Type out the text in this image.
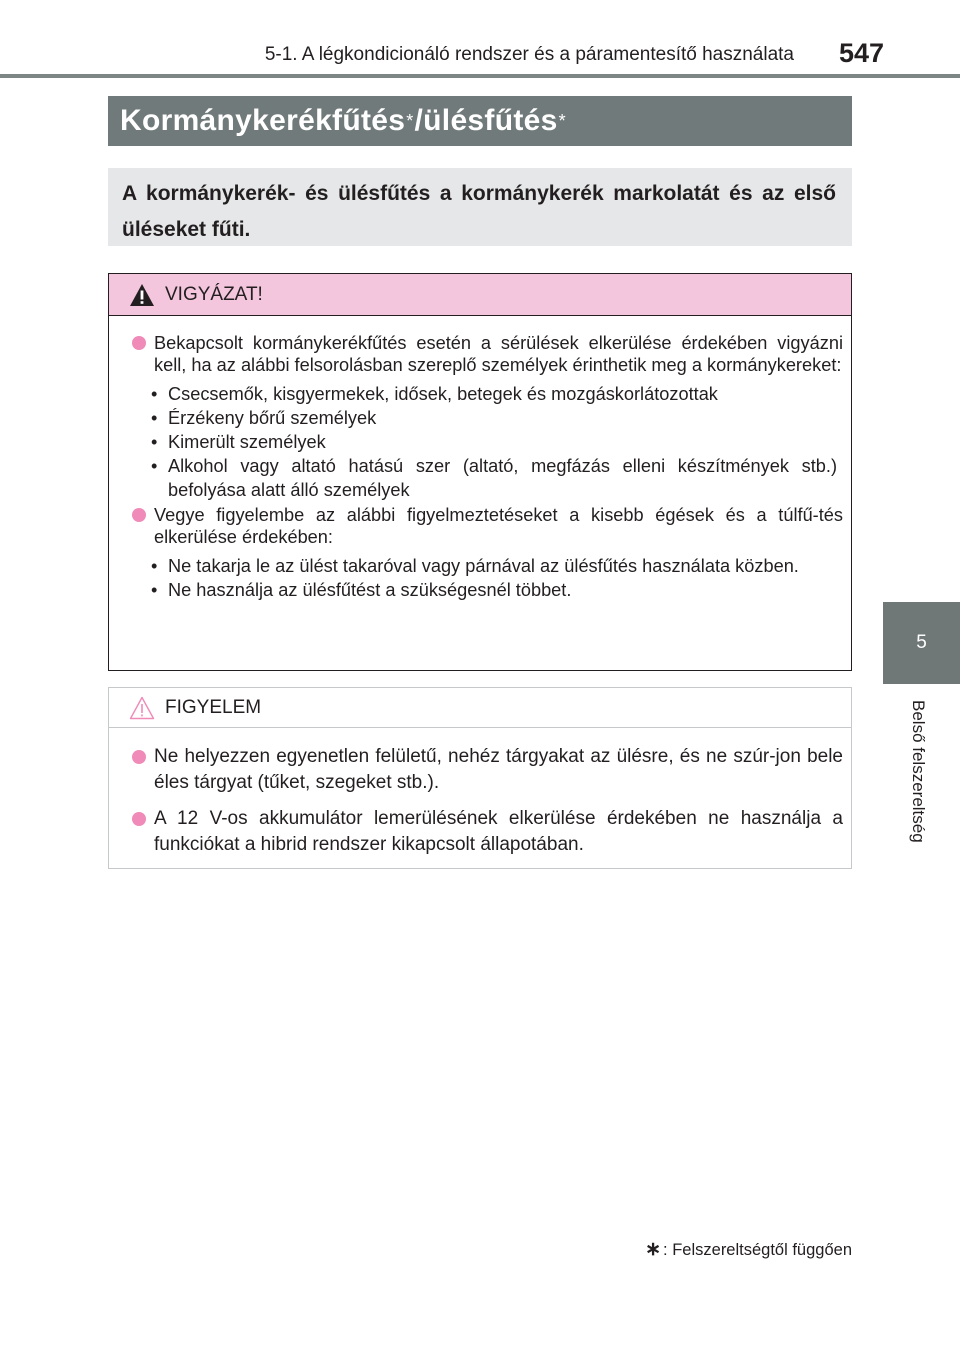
5-1. A légkondicionáló rendszer és a páramentesítő használata	547
5
Belső felszereltség
Kormánykerékfűtés * /ülésfűtés *
A kormánykerék- és ülésfűtés a kormánykerék markolatát és az első üléseket fűti.
VIGYÁZAT!
Bekapcsolt kormánykerékfűtés esetén a sérülések elkerülése érdekében vigyázni kell, ha az alábbi felsorolásban szereplő személyek érinthetik meg a kormánykereket:
• Csecsemők, kisgyermekek, idősek, betegek és mozgáskorlátozottak
• Érzékeny bőrű személyek
• Kimerült személyek
• Alkohol vagy altató hatású szer (altató, megfázás elleni készítmények stb.) befolyása alatt álló személyek
Vegye figyelembe az alábbi figyelmeztetéseket a kisebb égések és a túlfű-tés elkerülése érdekében:
• Ne takarja le az ülést takaróval vagy párnával az ülésfűtés használata közben.
• Ne használja az ülésfűtést a szükségesnél többet.
FIGYELEM
Ne helyezzen egyenetlen felületű, nehéz tárgyakat az ülésre, és ne szúr-jon bele éles tárgyat (tűket, szegeket stb.).
A 12 V-os akkumulátor lemerülésének elkerülése érdekében ne használja a funkciókat a hibrid rendszer kikapcsolt állapotában.
∗ : Felszereltségtől függően
